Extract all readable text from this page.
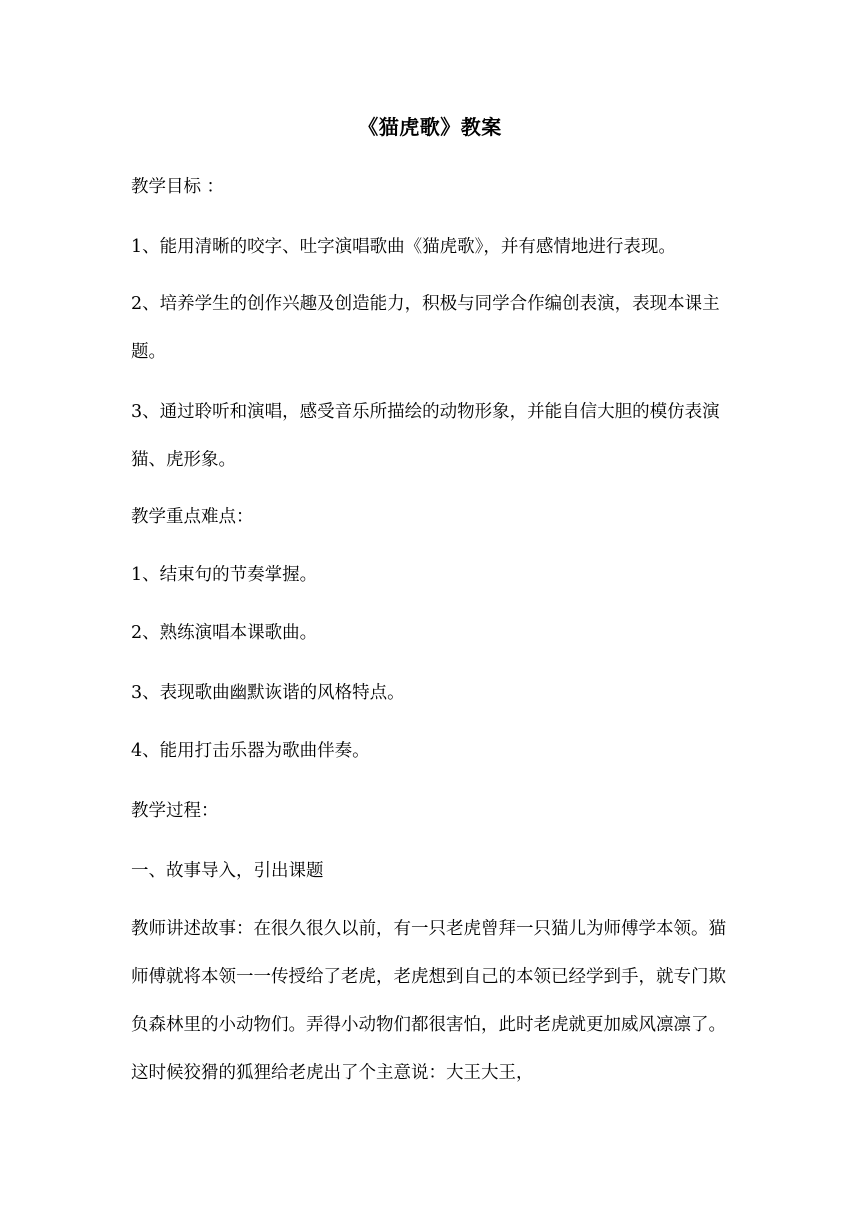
《猫虎歌》教案
教学目标 ：
1、能用清晰的咬字、吐字演唱歌曲《猫虎歌》，并有感情地进行表现。
2、培养学生的创作兴趣及创造能力，积极与同学合作编创表演，表现本课主题。
3、通过聆听和演唱，感受音乐所描绘的动物形象，并能自信大胆的模仿表演猫、虎形象。
教学重点难点：
1、结束句的节奏掌握。
2、熟练演唱本课歌曲。
3、表现歌曲幽默诙谐的风格特点。
4、能用打击乐器为歌曲伴奏。
教学过程：
一、故事导入，引出课题
教师讲述故事：在很久很久以前，有一只老虎曾拜一只猫儿为师傅学本领。猫师傅就将本领一一传授给了老虎，老虎想到自己的本领已经学到手，就专门欺负森林里的小动物们。弄得小动物们都很害怕，此时老虎就更加威风凛凛了。这时候狡猾的狐狸给老虎出了个主意说：大王大王，
